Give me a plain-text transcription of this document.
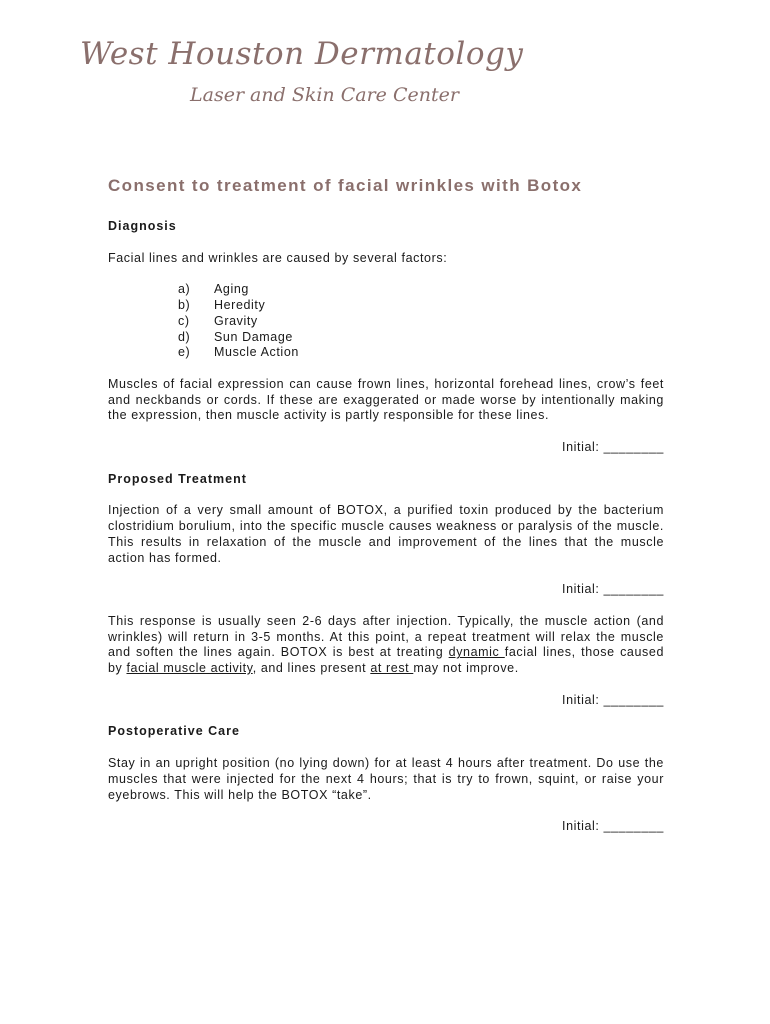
West Houston Dermatology
Laser and Skin Care Center
Consent to treatment of facial wrinkles with Botox

Diagnosis

Facial lines and wrinkles are caused by several factors:

a)	Aging
b)	Heredity
c)	Gravity
d)	Sun Damage
e)	Muscle Action

Muscles of facial expression can cause frown lines, horizontal forehead lines, crow’s feet and neckbands or cords. If these are exaggerated or made worse by intentionally making the expression, then muscle activity is partly responsible for these lines.

Initial: ________

Proposed Treatment

Injection of a very small amount of BOTOX, a purified toxin produced by the bacterium clostridium borulium, into the specific muscle causes weakness or paralysis of the muscle. This results in relaxation of the muscle and improvement of the lines that the muscle action has formed.

Initial: ________

This response is usually seen 2-6 days after injection. Typically, the muscle action (and wrinkles) will return in 3-5 months. At this point, a repeat treatment will relax the muscle and soften the lines again. BOTOX is best at treating dynamic facial lines, those caused by facial muscle activity, and lines present at rest may not improve.

Initial: ________

Postoperative Care

Stay in an upright position (no lying down) for at least 4 hours after treatment. Do use the muscles that were injected for the next 4 hours; that is try to frown, squint, or raise your eyebrows. This will help the BOTOX “take”.

Initial: ________
